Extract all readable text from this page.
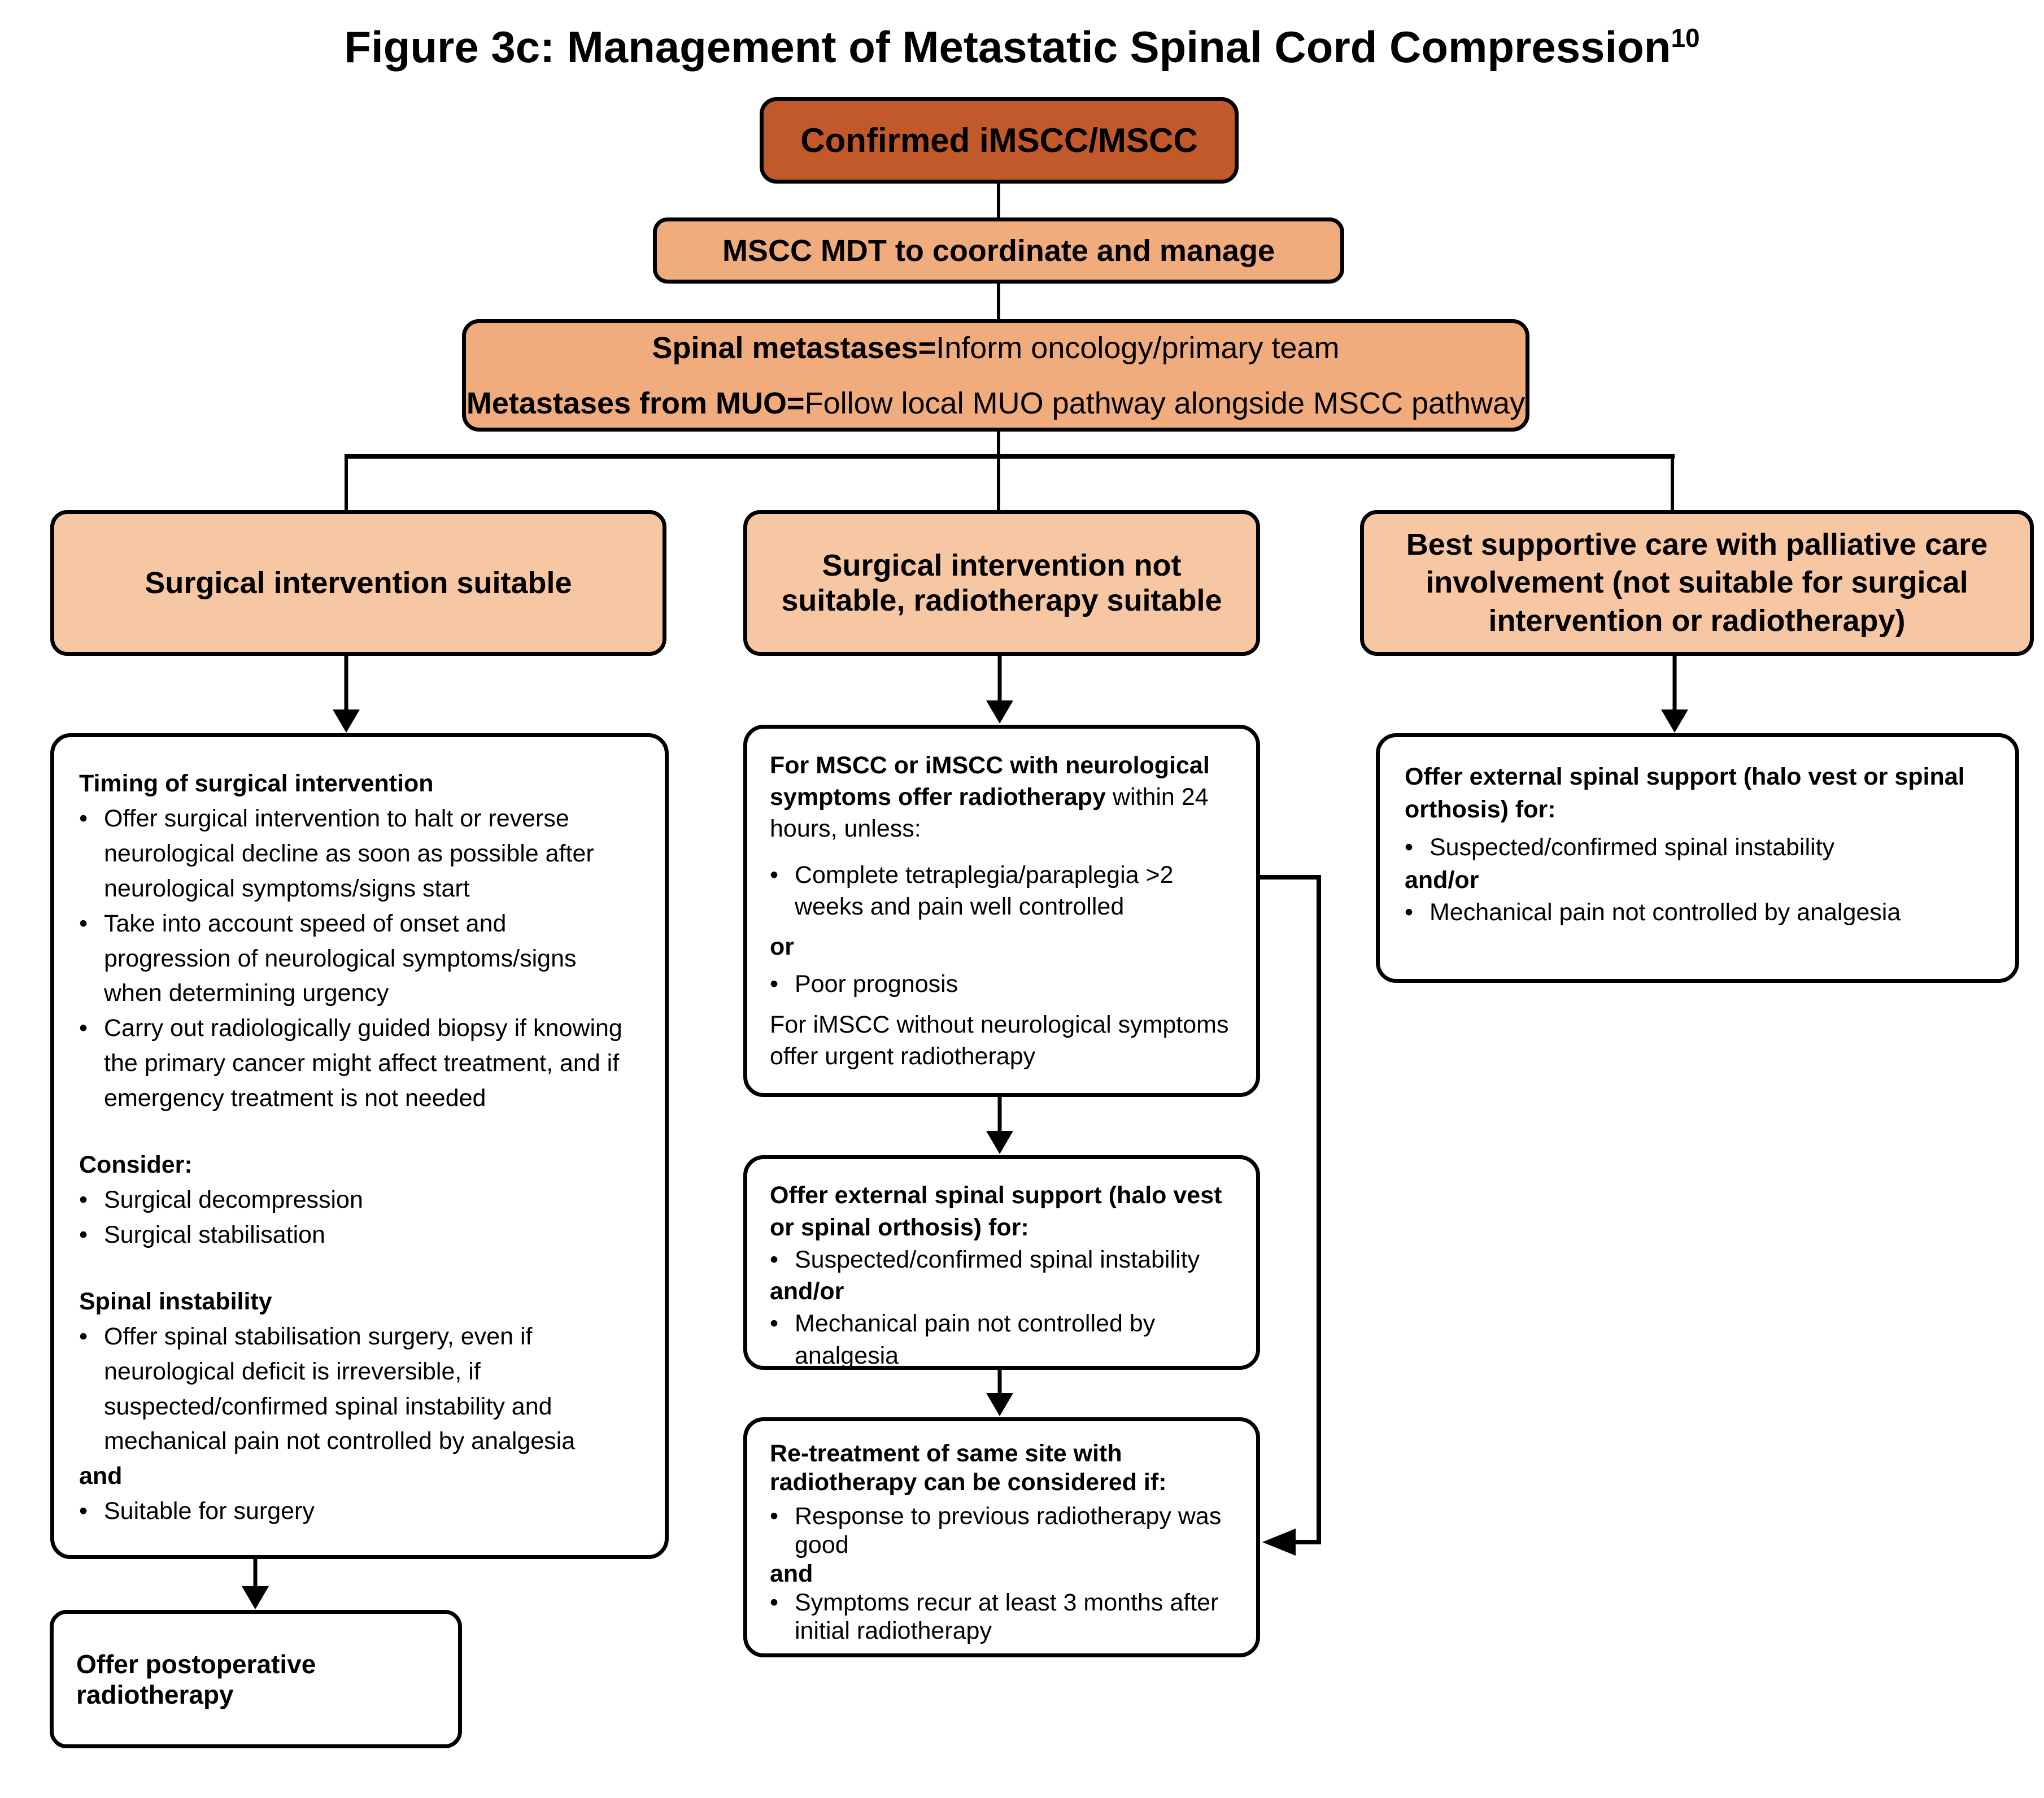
Figure 3c: Management of Metastatic Spinal Cord Compression$^{10}$
Confirmed iMSCC/MSCC
MSCC MDT to coordinate and manage
Spinal metastases=Inform oncology/primary team
Metastases from MUO=Follow local MUO pathway alongside MSCC pathway
Surgical intervention suitable
Surgical intervention not suitable, radiotherapy suitable
Best supportive care with palliative care involvement (not suitable for surgical intervention or radiotherapy)
Timing of surgical intervention
• Offer surgical intervention to halt or reverse neurological decline as soon as possible after neurological symptoms/signs start
• Take into account speed of onset and progression of neurological symptoms/signs when determining urgency
• Carry out radiologically guided biopsy if knowing the primary cancer might affect treatment, and if emergency treatment is not needed
Consider:
• Surgical decompression
• Surgical stabilisation
Spinal instability
• Offer spinal stabilisation surgery, even if neurological deficit is irreversible, if suspected/confirmed spinal instability and mechanical pain not controlled by analgesia
and
• Suitable for surgery
Offer postoperative radiotherapy
For MSCC or iMSCC with neurological symptoms offer radiotherapy within 24 hours, unless:
• Complete tetraplegia/paraplegia >2 weeks and pain well controlled
or
• Poor prognosis
For iMSCC without neurological symptoms offer urgent radiotherapy
Offer external spinal support (halo vest or spinal orthosis) for:
• Suspected/confirmed spinal instability
and/or
• Mechanical pain not controlled by analgesia
Re-treatment of same site with radiotherapy can be considered if:
• Response to previous radiotherapy was good
and
• Symptoms recur at least 3 months after initial radiotherapy
Offer external spinal support (halo vest or spinal orthosis) for:
• Suspected/confirmed spinal instability
and/or
• Mechanical pain not controlled by analgesia
